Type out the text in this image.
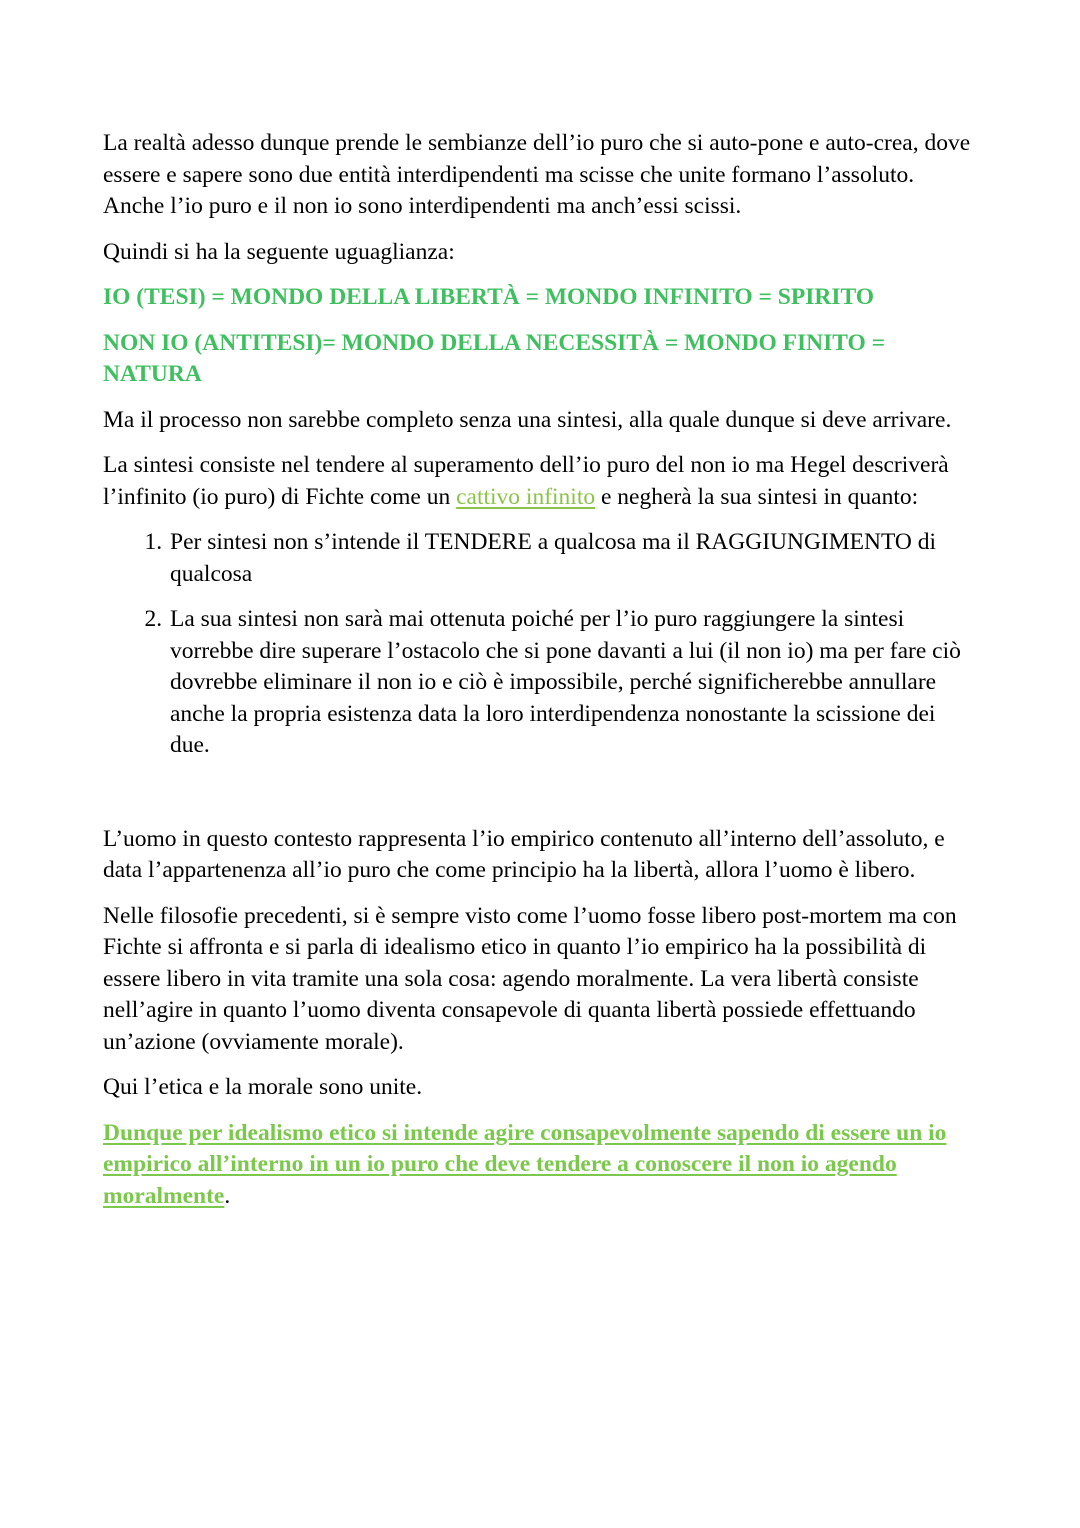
La realtà adesso dunque prende le sembianze dell’io puro che si auto-pone e auto-crea, dove essere e sapere sono due entità interdipendenti ma scisse che unite formano l’assoluto. Anche l’io puro e il non io sono interdipendenti ma anch’essi scissi.

Quindi si ha la seguente uguaglianza:

IO (TESI) = MONDO DELLA LIBERTÀ = MONDO INFINITO = SPIRITO

NON IO (ANTITESI)= MONDO DELLA NECESSITÀ = MONDO FINITO = NATURA

Ma il processo non sarebbe completo senza una sintesi, alla quale dunque si deve arrivare.

La sintesi consiste nel tendere al superamento dell’io puro del non io ma Hegel descriverà l’infinito (io puro) di Fichte come un cattivo infinito e negherà la sua sintesi in quanto:

1. Per sintesi non s’intende il TENDERE a qualcosa ma il RAGGIUNGIMENTO di qualcosa
2. La sua sintesi non sarà mai ottenuta poiché per l’io puro raggiungere la sintesi vorrebbe dire superare l’ostacolo che si pone davanti a lui (il non io) ma per fare ciò dovrebbe eliminare il non io e ciò è impossibile, perché significherebbe annullare anche la propria esistenza data la loro interdipendenza nonostante la scissione dei due.

L’uomo in questo contesto rappresenta l’io empirico contenuto all’interno dell’assoluto, e data l’appartenenza all’io puro che come principio ha la libertà, allora l’uomo è libero.

Nelle filosofie precedenti, si è sempre visto come l’uomo fosse libero post-mortem ma con Fichte si affronta e si parla di idealismo etico in quanto l’io empirico ha la possibilità di essere libero in vita tramite una sola cosa: agendo moralmente. La vera libertà consiste nell’agire in quanto l’uomo diventa consapevole di quanta libertà possiede effettuando un’azione (ovviamente morale).

Qui l’etica e la morale sono unite.

Dunque per idealismo etico si intende agire consapevolmente sapendo di essere un io empirico all’interno in un io puro che deve tendere a conoscere il non io agendo moralmente.
